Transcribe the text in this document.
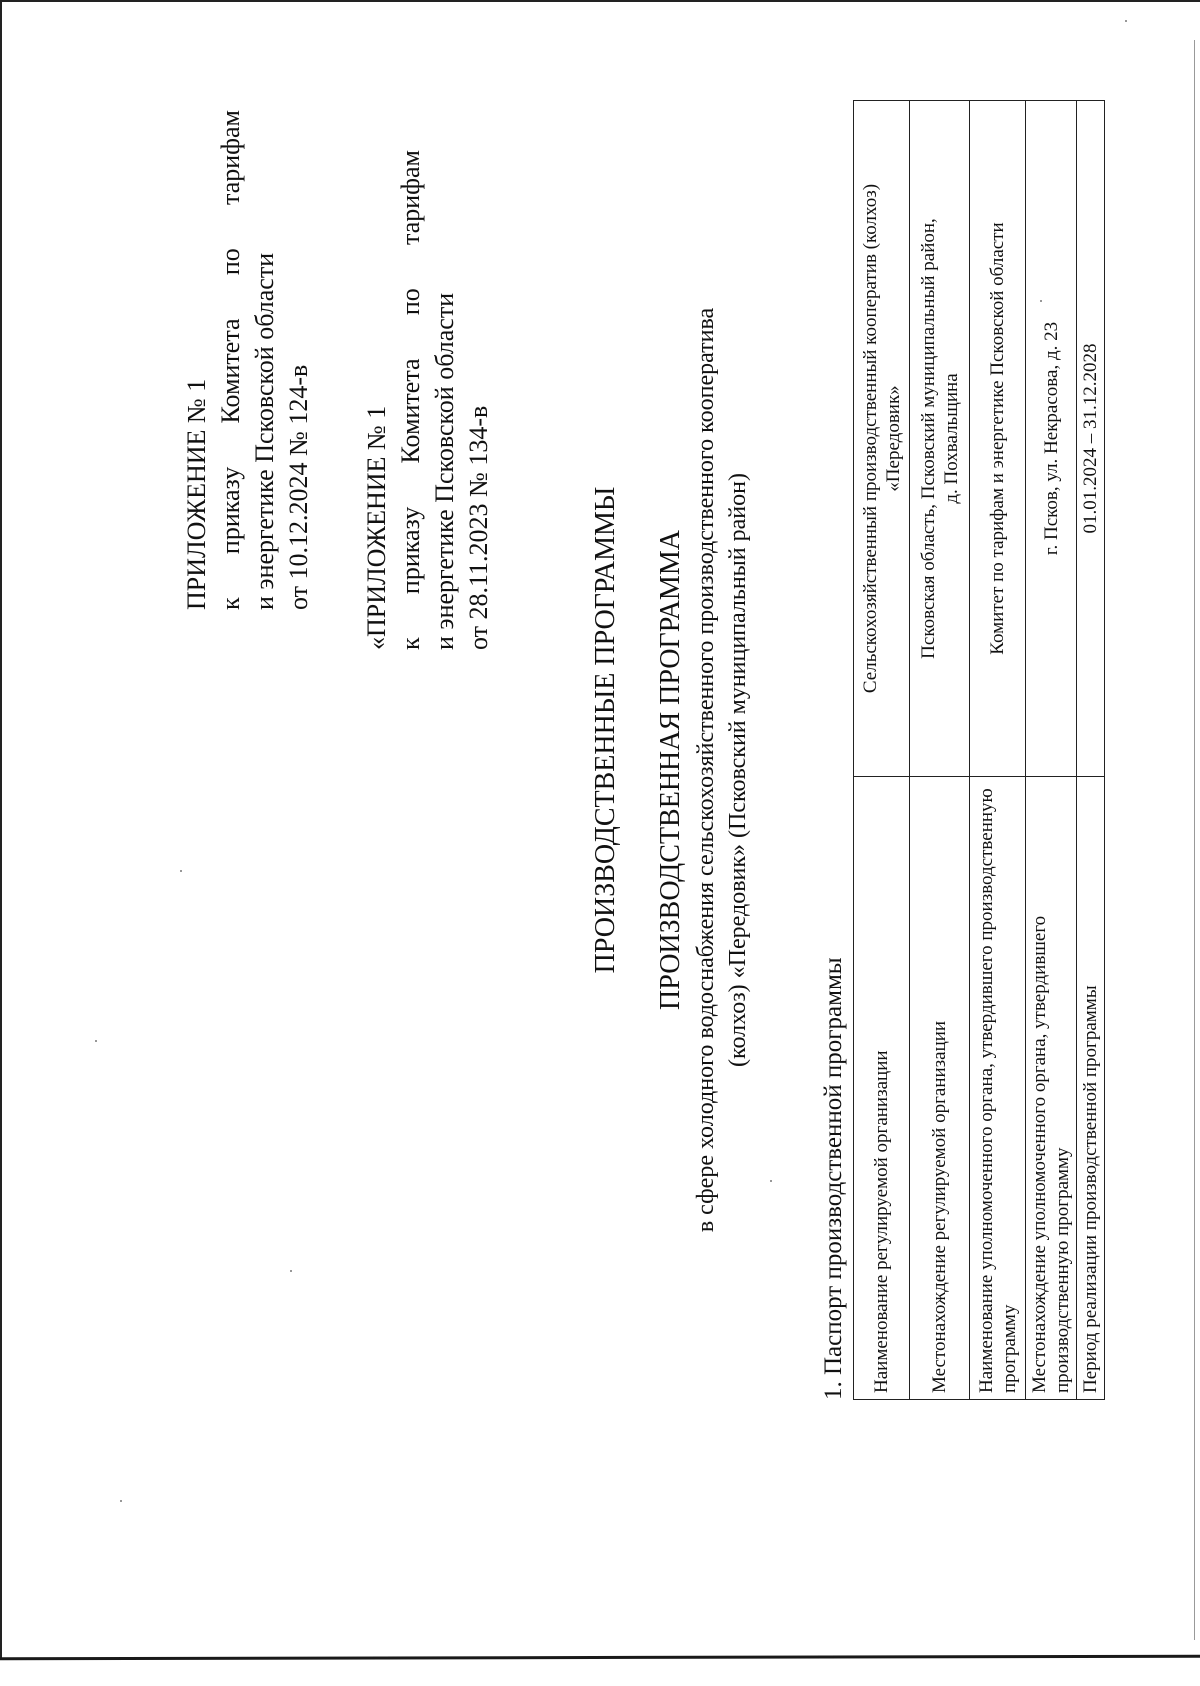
ПРИЛОЖЕНИЕ № 1 к
приказу
Комитета
по
тарифам
и энергетике Псковской области от 10.12.2024 № 124-в «ПРИЛОЖЕНИЕ № 1 к
приказу
Комитета
по
тарифам
и энергетике Псковской области от 28.11.2023 № 134-в	ПРОИЗВОДСТВЕННЫЕ ПРОГРАММЫ ПРОИЗВОДСТВЕННАЯ ПРОГРАММА в сфере холодного водоснабжения сельскохозяйственного производственного кооператива (колхоз) «Передовик» (Псковский муниципальный район)
1. Паспорт производственной программы Наименование регулируемой организации	Сельскохозяйственный производственный кооператив (колхоз) «Передовик»

Местонахождение регулируемой организации	Псковская область, Псковский муниципальный район, д. Похвальщина

Наименование уполномоченного органа, утвердившего производственную программу	Комитет по тарифам и энергетике Псковской области

Местонахождение уполномоченного органа, утвердившего производственную программу	г. Псков, ул. Некрасова, д. 23

Период реализации производственной программы	01.01.2024 – 31.12.2028
